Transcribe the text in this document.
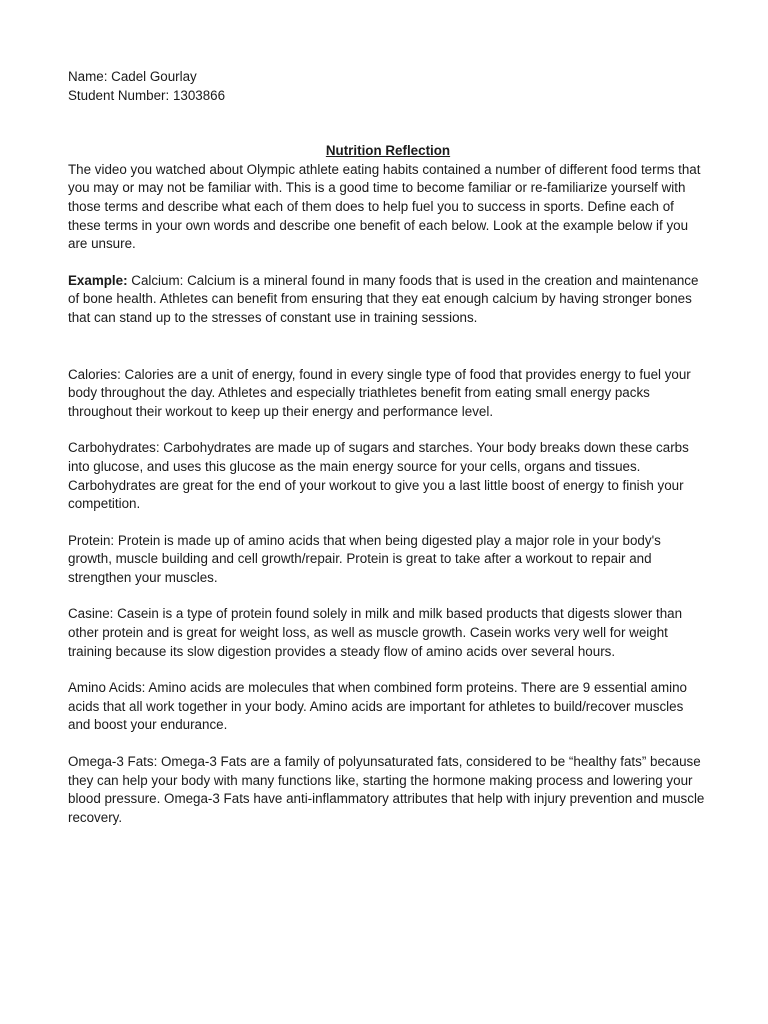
Name: Cadel Gourlay

Student Number: 1303866

Nutrition Reflection

The video you watched about Olympic athlete eating habits contained a number of different food terms that you may or may not be familiar with. This is a good time to become familiar or re-familiarize yourself with those terms and describe what each of them does to help fuel you to success in sports. Define each of these terms in your own words and describe one benefit of each below. Look at the example below if you are unsure.

Example: Calcium: Calcium is a mineral found in many foods that is used in the creation and maintenance of bone health. Athletes can benefit from ensuring that they eat enough calcium by having stronger bones that can stand up to the stresses of constant use in training sessions.

Calories: Calories are a unit of energy, found in every single type of food that provides energy to fuel your body throughout the day. Athletes and especially triathletes benefit from eating small energy packs throughout their workout to keep up their energy and performance level.

Carbohydrates: Carbohydrates are made up of sugars and starches. Your body breaks down these carbs into glucose, and uses this glucose as the main energy source for your cells, organs and tissues. Carbohydrates are great for the end of your workout to give you a last little boost of energy to finish your competition.

Protein: Protein is made up of amino acids that when being digested play a major role in your body's growth, muscle building and cell growth/repair. Protein is great to take after a workout to repair and strengthen your muscles.

Casine: Casein is a type of protein found solely in milk and milk based products that digests slower than other protein and is great for weight loss, as well as muscle growth. Casein works very well for weight training because its slow digestion provides a steady flow of amino acids over several hours.

Amino Acids: Amino acids are molecules that when combined form proteins. There are 9 essential amino acids that all work together in your body. Amino acids are important for athletes to build/recover muscles and boost your endurance.

Omega-3 Fats: Omega-3 Fats are a family of polyunsaturated fats, considered to be “healthy fats” because they can help your body with many functions like, starting the hormone making process and lowering your blood pressure. Omega-3 Fats have anti-inflammatory attributes that help with injury prevention and muscle recovery.
